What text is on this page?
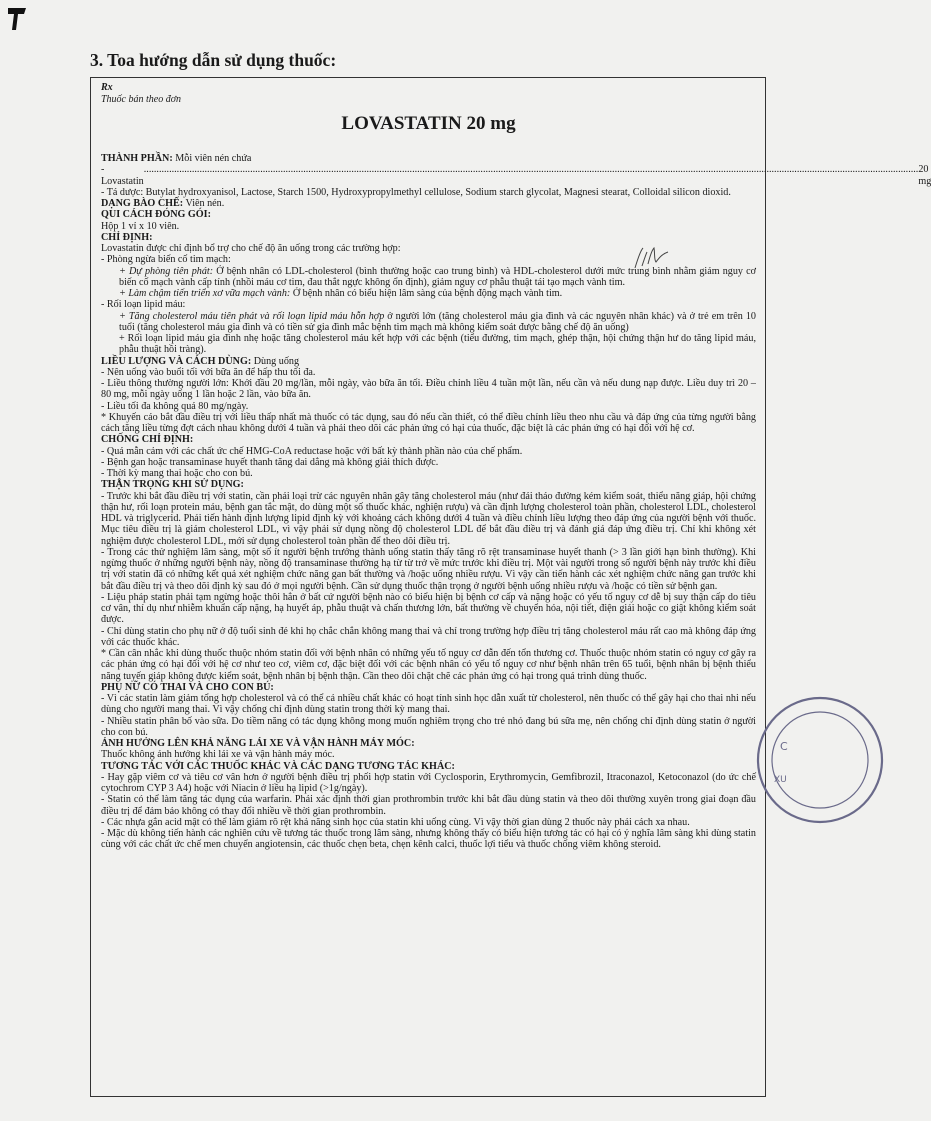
3. Toa hướng dẫn sử dụng thuốc:
Rx
Thuốc bán theo đơn
LOVASTATIN 20 mg

THÀNH PHẦN: Mỗi viên nén chứa

- Lovastatin
.................................................................................................................................................................................................................................................................................................................. 20 mg

- Tá dược: Butylat hydroxyanisol, Lactose, Starch 1500, Hydroxypropylmethyl cellulose, Sodium starch glycolat, Magnesi stearat, Colloidal silicon dioxid.

DẠNG BÀO CHẾ: Viên nén.

QUI CÁCH ĐÓNG GÓI:

Hộp 1 vỉ x 10 viên.

CHỈ ĐỊNH:

Lovastatin được chỉ định bổ trợ cho chế độ ăn uống trong các trường hợp:

- Phòng ngừa biến cố tim mạch:

+ Dự phòng tiên phát: Ở bệnh nhân có LDL-cholesterol (bình thường hoặc cao trung bình) và HDL-cholesterol dưới mức trung bình nhằm giảm nguy cơ biến cố mạch vành cấp tính (nhồi máu cơ tim, đau thắt ngực không ổn định), giảm nguy cơ phẫu thuật tái tạo mạch vành tim.

+ Làm chậm tiến triển xơ vữa mạch vành: Ở bệnh nhân có biểu hiện lâm sàng của bệnh động mạch vành tim.

- Rối loạn lipid máu:

+ Tăng cholesterol máu tiên phát và rối loạn lipid máu hỗn hợp ở người lớn (tăng cholesterol máu gia đình và các nguyên nhân khác) và ở trẻ em trên 10 tuổi (tăng cholesterol máu gia đình và có tiền sử gia đình mắc bệnh tim mạch mà không kiểm soát được bằng chế độ ăn uống)

+ Rối loạn lipid máu gia đình nhẹ hoặc tăng cholesterol máu kết hợp với các bệnh (tiểu đường, tim mạch, ghép thận, hội chứng thận hư do tăng lipid máu, phẫu thuật hồi tràng).

LIỀU LƯỢNG VÀ CÁCH DÙNG: Dùng uống

- Nên uống vào buổi tối với bữa ăn để hấp thu tối đa.

- Liều thông thường người lớn: Khởi đầu 20 mg/lần, mỗi ngày, vào bữa ăn tối. Điều chỉnh liều 4 tuần một lần, nếu cần và nếu dung nạp được. Liều duy trì 20 – 80 mg, mỗi ngày uống 1 lần hoặc 2 lần, vào bữa ăn.

- Liều tối đa không quá 80 mg/ngày.

* Khuyến cáo bắt đầu điều trị với liều thấp nhất mà thuốc có tác dụng, sau đó nếu cần thiết, có thể điều chỉnh liều theo nhu cầu và đáp ứng của từng người bằng cách tăng liều từng đợt cách nhau không dưới 4 tuần và phải theo dõi các phản ứng có hại của thuốc, đặc biệt là các phản ứng có hại đối với hệ cơ.

CHỐNG CHỈ ĐỊNH:

- Quá mẫn cảm với các chất ức chế HMG-CoA reductase hoặc với bất kỳ thành phần nào của chế phẩm.

- Bệnh gan hoặc transaminase huyết thanh tăng dai dẳng mà không giải thích được.

- Thời kỳ mang thai hoặc cho con bú.

THẬN TRỌNG KHI SỬ DỤNG:

- Trước khi bắt đầu điều trị với statin, cần phải loại trừ các nguyên nhân gây tăng cholesterol máu (như đái tháo đường kém kiểm soát, thiểu năng giáp, hội chứng thận hư, rối loạn protein máu, bệnh gan tắc mật, do dùng một số thuốc khác, nghiện rượu) và cần định lượng cholesterol toàn phần, cholesterol LDL, cholesterol HDL và triglycerid. Phải tiến hành định lượng lipid định kỳ với khoảng cách không dưới 4 tuần và điều chỉnh liều lượng theo đáp ứng của người bệnh với thuốc. Mục tiêu điều trị là giảm cholesterol LDL, vì vậy phải sử dụng nồng độ cholesterol LDL để bắt đầu điều trị và đánh giá đáp ứng điều trị. Chỉ khi không xét nghiệm được cholesterol LDL, mới sử dụng cholesterol toàn phần để theo dõi điều trị.

- Trong các thử nghiệm lâm sàng, một số ít người bệnh trưởng thành uống statin thấy tăng rõ rệt transaminase huyết thanh (> 3 lần giới hạn bình thường). Khi ngừng thuốc ở những người bệnh này, nồng độ transaminase thường hạ từ từ trở về mức trước khi điều trị. Một vài người trong số người bệnh này trước khi điều trị với statin đã có những kết quả xét nghiệm chức năng gan bất thường và /hoặc uống nhiều rượu. Vì vậy cần tiến hành các xét nghiệm chức năng gan trước khi bắt đầu điều trị và theo dõi định kỳ sau đó ở mọi người bệnh. Cần sử dụng thuốc thận trọng ở người bệnh uống nhiều rượu và /hoặc có tiền sử bệnh gan.

- Liệu pháp statin phải tạm ngừng hoặc thôi hẳn ở bất cứ người bệnh nào có biểu hiện bị bệnh cơ cấp và nặng hoặc có yếu tố nguy cơ dễ bị suy thận cấp do tiêu cơ vân, thí dụ như nhiễm khuẩn cấp nặng, hạ huyết áp, phẫu thuật và chấn thương lớn, bất thường về chuyển hóa, nội tiết, điện giải hoặc co giật không kiểm soát được.

- Chỉ dùng statin cho phụ nữ ở độ tuổi sinh đẻ khi họ chắc chắn không mang thai và chỉ trong trường hợp điều trị tăng cholesterol máu rất cao mà không đáp ứng với các thuốc khác.

* Cần cân nhắc khi dùng thuốc thuộc nhóm statin đối với bệnh nhân có những yếu tố nguy cơ dẫn đến tổn thương cơ. Thuốc thuộc nhóm statin có nguy cơ gây ra các phản ứng có hại đối với hệ cơ như teo cơ, viêm cơ, đặc biệt đối với các bệnh nhân có yếu tố nguy cơ như bệnh nhân trên 65 tuổi, bệnh nhân bị bệnh thiểu năng tuyến giáp không được kiểm soát, bệnh nhân bị bệnh thận. Cần theo dõi chặt chẽ các phản ứng có hại trong quá trình dùng thuốc.

PHỤ NỮ CÓ THAI VÀ CHO CON BÚ:

- Vì các statin làm giảm tổng hợp cholesterol và có thể cả nhiều chất khác có hoạt tính sinh học dẫn xuất từ cholesterol, nên thuốc có thể gây hại cho thai nhi nếu dùng cho người mang thai. Vì vậy chống chỉ định dùng statin trong thời kỳ mang thai.

- Nhiều statin phân bố vào sữa. Do tiềm năng có tác dụng không mong muốn nghiêm trọng cho trẻ nhỏ đang bú sữa mẹ, nên chống chỉ định dùng statin ở người cho con bú.

ẢNH HƯỞNG LÊN KHẢ NĂNG LÁI XE VÀ VẬN HÀNH MÁY MÓC:

Thuốc không ảnh hưởng khi lái xe và vận hành máy móc.

TƯƠNG TÁC VỚI CÁC THUỐC KHÁC VÀ CÁC DẠNG TƯƠNG TÁC KHÁC:

- Hay gặp viêm cơ và tiêu cơ vân hơn ở người bệnh điều trị phối hợp statin với Cyclosporin, Erythromycin, Gemfibrozil, Itraconazol, Ketoconazol (do ức chế cytochrom CYP 3 A4) hoặc với Niacin ở liều hạ lipid (>1g/ngày).

- Statin có thể làm tăng tác dụng của warfarin. Phải xác định thời gian prothrombin trước khi bắt đầu dùng statin và theo dõi thường xuyên trong giai đoạn đầu điều trị để đảm bảo không có thay đổi nhiều về thời gian prothrombin.

- Các nhựa gắn acid mật có thể làm giảm rõ rệt khả năng sinh học của statin khi uống cùng. Vì vậy thời gian dùng 2 thuốc này phải cách xa nhau.

- Mặc dù không tiến hành các nghiên cứu về tương tác thuốc trong lâm sàng, nhưng không thấy có biểu hiện tương tác có hại có ý nghĩa lâm sàng khi dùng statin cùng với các chất ức chế men chuyển angiotensin, các thuốc chẹn beta, chẹn kênh calci, thuốc lợi tiểu và thuốc chống viêm không steroid.

C
XU
